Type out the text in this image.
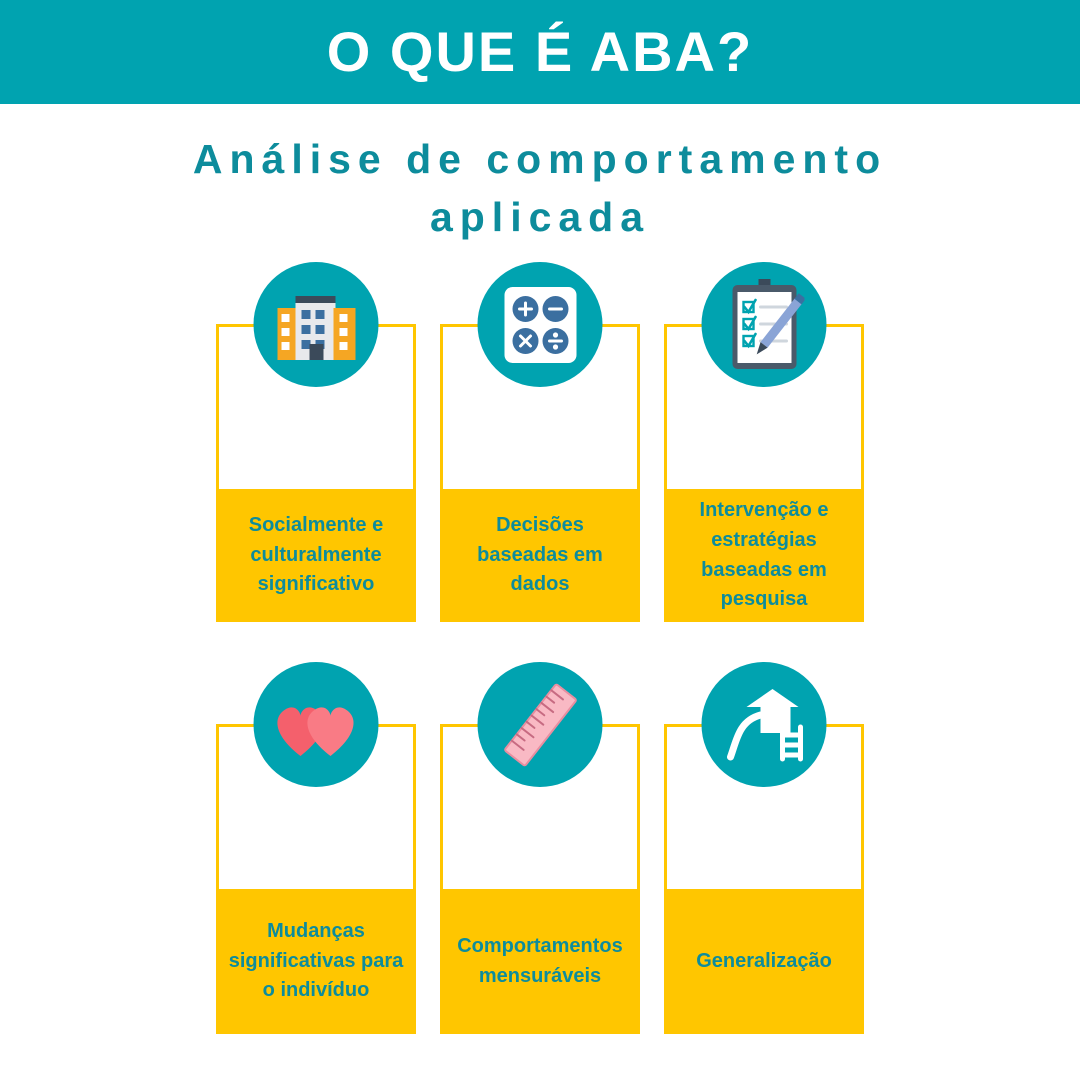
O QUE É ABA?
Análise de comportamento aplicada
Socialmente e culturalmente significativo
Decisões baseadas em dados
Intervenção e estratégias baseadas em pesquisa
Mudanças significativas para o indivíduo
Comportamentos mensuráveis
Generalização
